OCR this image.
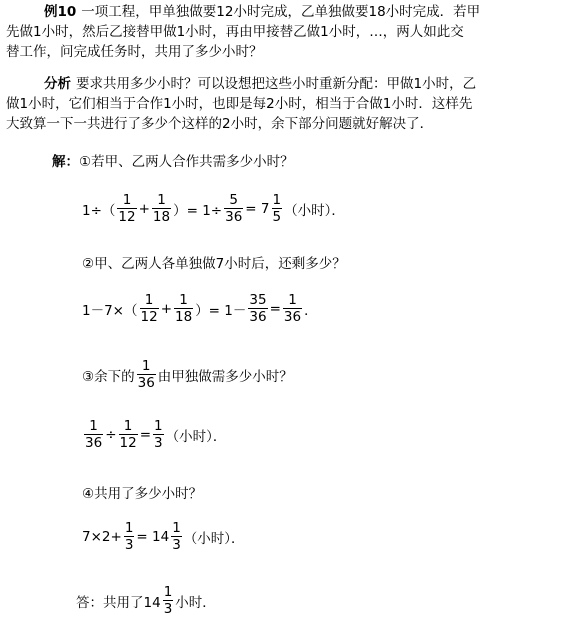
例10 一项工程，甲单独做要12小时完成，乙单独做要18小时完成．若甲
先做1小时，然后乙接替甲做1小时，再由甲接替乙做1小时，…，两人如此交
替工作，问完成任务时，共用了多少小时？
分析 要求共用多少小时？可以设想把这些小时重新分配：甲做1小时，乙
做1小时，它们相当于合作1小时，也即是每2小时，相当于合做1小时．这样先
大致算一下一共进行了多少个这样的2小时，余下部分问题就好解决了．
解： ①若甲、乙两人合作共需多少小时？
$1\div( \frac{1}{12} + \frac{1}{18}$ ）= $1\div \frac{5}{36} = 7 \frac{1}{5}$ （小时）．
②甲、乙两人各单独做7小时后，还剩多少？
$1-7\times( \frac{1}{12} + \frac{1}{18}$ ）= $1- \frac{35}{36} = \frac{1}{36}$ ．
③余下的 $\frac{1}{36}$ 由甲独做需多少小时？
$\frac{1}{36} \div \frac{1}{12} = \frac{1}{3}$ （小时）．
④共用了多少小时？
$7\times 2+ \frac{1}{3} = 14 \frac{1}{3}$ （小时）．
答：共用了$14 \frac{1}{3}$ 小时．
